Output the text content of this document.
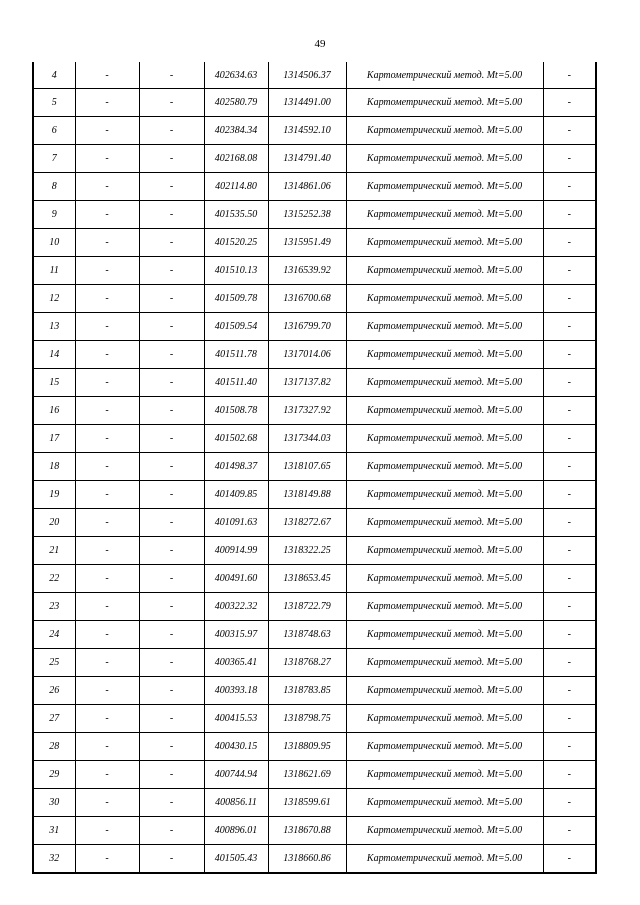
49
4	-	-	402634.63	1314506.37	Картометрический метод. Mt=5.00	-
5	-	-	402580.79	1314491.00	Картометрический метод. Mt=5.00	-
6	-	-	402384.34	1314592.10	Картометрический метод. Mt=5.00	-
7	-	-	402168.08	1314791.40	Картометрический метод. Mt=5.00	-
8	-	-	402114.80	1314861.06	Картометрический метод. Mt=5.00	-
9	-	-	401535.50	1315252.38	Картометрический метод. Mt=5.00	-
10	-	-	401520.25	1315951.49	Картометрический метод. Mt=5.00	-
11	-	-	401510.13	1316539.92	Картометрический метод. Mt=5.00	-
12	-	-	401509.78	1316700.68	Картометрический метод. Mt=5.00	-
13	-	-	401509.54	1316799.70	Картометрический метод. Mt=5.00	-
14	-	-	401511.78	1317014.06	Картометрический метод. Mt=5.00	-
15	-	-	401511.40	1317137.82	Картометрический метод. Mt=5.00	-
16	-	-	401508.78	1317327.92	Картометрический метод. Mt=5.00	-
17	-	-	401502.68	1317344.03	Картометрический метод. Mt=5.00	-
18	-	-	401498.37	1318107.65	Картометрический метод. Mt=5.00	-
19	-	-	401409.85	1318149.88	Картометрический метод. Mt=5.00	-
20	-	-	401091.63	1318272.67	Картометрический метод. Mt=5.00	-
21	-	-	400914.99	1318322.25	Картометрический метод. Mt=5.00	-
22	-	-	400491.60	1318653.45	Картометрический метод. Mt=5.00	-
23	-	-	400322.32	1318722.79	Картометрический метод. Mt=5.00	-
24	-	-	400315.97	1318748.63	Картометрический метод. Mt=5.00	-
25	-	-	400365.41	1318768.27	Картометрический метод. Mt=5.00	-
26	-	-	400393.18	1318783.85	Картометрический метод. Mt=5.00	-
27	-	-	400415.53	1318798.75	Картометрический метод. Mt=5.00	-
28	-	-	400430.15	1318809.95	Картометрический метод. Mt=5.00	-
29	-	-	400744.94	1318621.69	Картометрический метод. Mt=5.00	-
30	-	-	400856.11	1318599.61	Картометрический метод. Mt=5.00	-
31	-	-	400896.01	1318670.88	Картометрический метод. Mt=5.00	-
32	-	-	401505.43	1318660.86	Картометрический метод. Mt=5.00	-
